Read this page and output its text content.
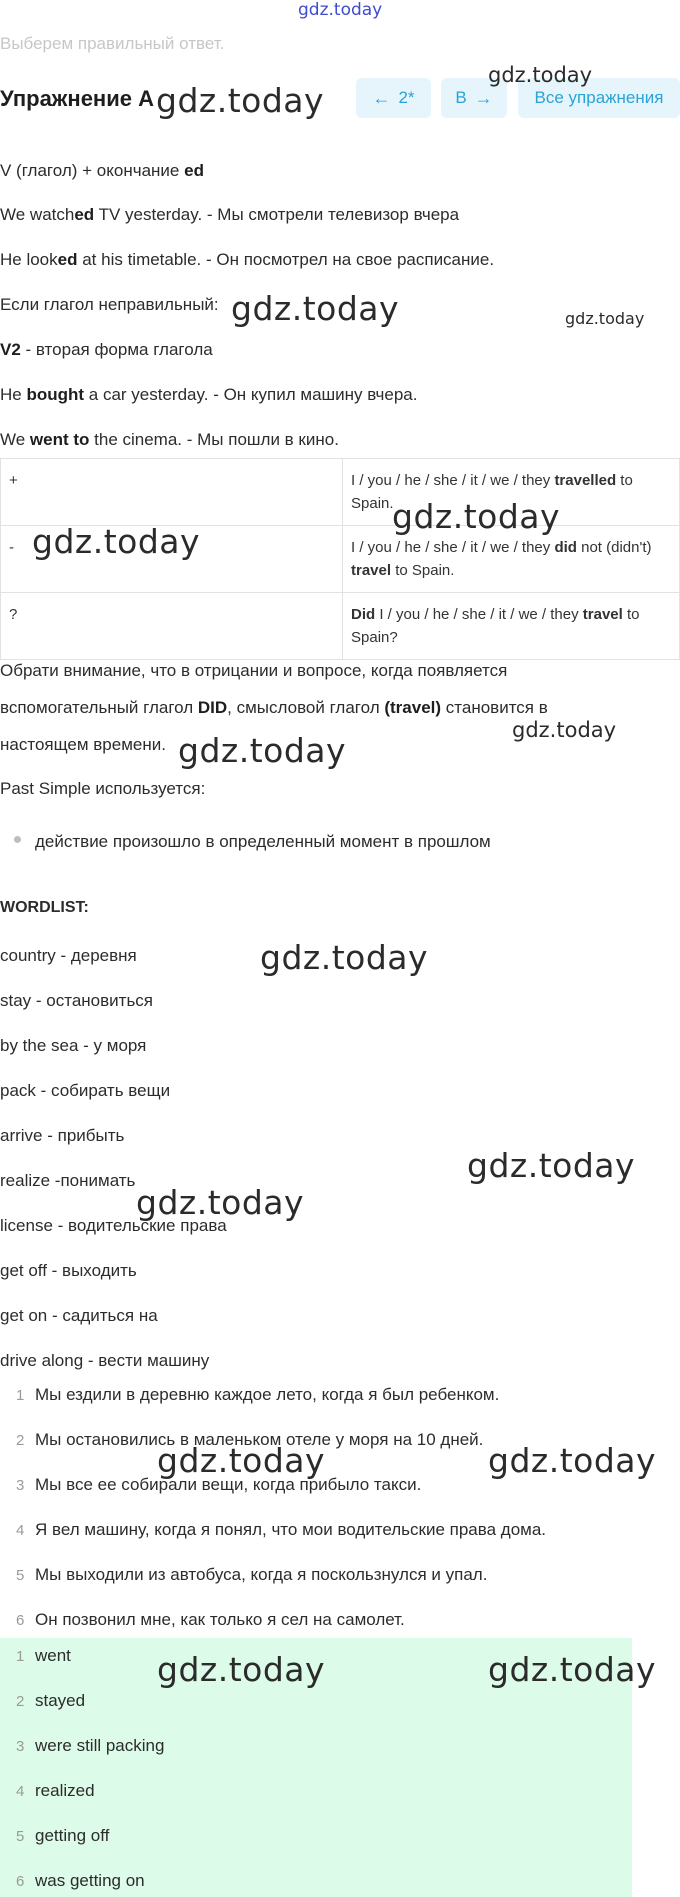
gdz.today
Выберем правильный ответ.
Упражнение A	← 2* B → Все упражнения
V (глагол) + окончание ed
We watched TV yesterday. - Мы смотрели телевизор вчера
He looked at his timetable. - Он посмотрел на свое расписание.
Если глагол неправильный:
V2 - вторая форма глагола
He bought a car yesterday. - Он купил машину вчера.
We went to the cinema. - Мы пошли в кино.
+	I / you / he / she / it / we / they travelled to Spain.
-	I / you / he / she / it / we / they did not (didn't) travel to Spain.
?	Did I / you / he / she / it / we / they travel to Spain?
Обрати внимание, что в отрицании и вопросе, когда появляется
вспомогательный глагол DID, смысловой глагол (travel) становится в
настоящем времени.
Past Simple используется:
действие произошло в определенный момент в прошлом
WORDLIST:
country - деревня
stay - остановиться
by the sea - у моря
pack - собирать вещи
arrive - прибыть
realize -понимать
license - водительские права
get off - выходить
get on - садиться на
drive along - вести машину
1 Мы ездили в деревню каждое лето, когда я был ребенком.
2 Мы остановились в маленьком отеле у моря на 10 дней.
3 Мы все ее собирали вещи, когда прибыло такси.
4 Я вел машину, когда я понял, что мои водительские права дома.
5 Мы выходили из автобуса, когда я поскользнулся и упал.
6 Он позвонил мне, как только я сел на самолет.
1 went
2 stayed
3 were still packing
4 realized
5 getting off
6 was getting on
gdz.today
gdz.today
gdz.today	gdz.today
gdz.today
gdz.today
gdz.today
gdz.today
gdz.today
gdz.today
gdz.today
gdz.today	gdz.today
gdz.today	gdz.today
